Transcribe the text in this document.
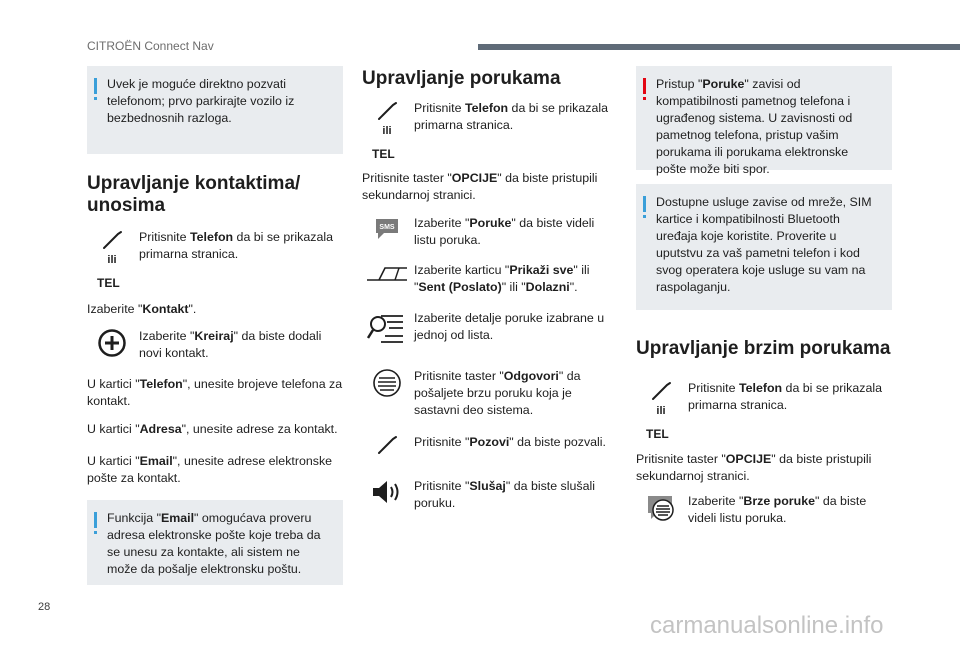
CITROËN Connect Nav
Uvek je moguće direktno pozvati telefonom; prvo parkirajte vozilo iz bezbednosnih razloga.
Upravljanje kontaktima/ unosima
ili

Pritisnite Telefon da bi se prikazala primarna stranica.

TEL

Izaberite "Kontakt".

Izaberite "Kreiraj" da biste dodali novi kontakt.

U kartici "Telefon", unesite brojeve telefona za kontakt.

U kartici "Adresa", unesite adrese za kontakt.

U kartici "Email", unesite adrese elektronske pošte za kontakt.

Funkcija "Email" omogućava proveru adresa elektronske pošte koje treba da se unesu za kontakte, ali sistem ne može da pošalje elektronsku poštu.
Upravljanje porukama
ili

Pritisnite Telefon da bi se prikazala primarna stranica.

TEL

Pritisnite taster "OPCIJE" da biste pristupili sekundarnoj stranici.

SMS Izaberite "Poruke" da biste videli listu poruka.

Izaberite karticu "Prikaži sve" ili "Sent (Poslato)" ili "Dolazni".

Izaberite detalje poruke izabrane u jednoj od lista.

Pritisnite taster "Odgovori" da pošaljete brzu poruku koja je sastavni deo sistema.

Pritisnite "Pozovi" da biste pozvali.

Pritisnite "Slušaj" da biste slušali poruku.

Pristup "Poruke" zavisi od kompatibilnosti pametnog telefona i ugrađenog sistema. U zavisnosti od pametnog telefona, pristup vašim porukama ili porukama elektronske pošte može biti spor.
Dostupne usluge zavise od mreže, SIM kartice i kompatibilnosti Bluetooth uređaja koje koristite. Proverite u uputstvu za vaš pametni telefon i kod svog operatera koje usluge su vam na raspolaganju.
Upravljanje brzim porukama
ili

Pritisnite Telefon da bi se prikazala primarna stranica.

TEL

Pritisnite taster "OPCIJE" da biste pristupili sekundarnoj stranici.

Izaberite "Brze poruke" da biste videli listu poruka.

28
carmanualsonline.info
